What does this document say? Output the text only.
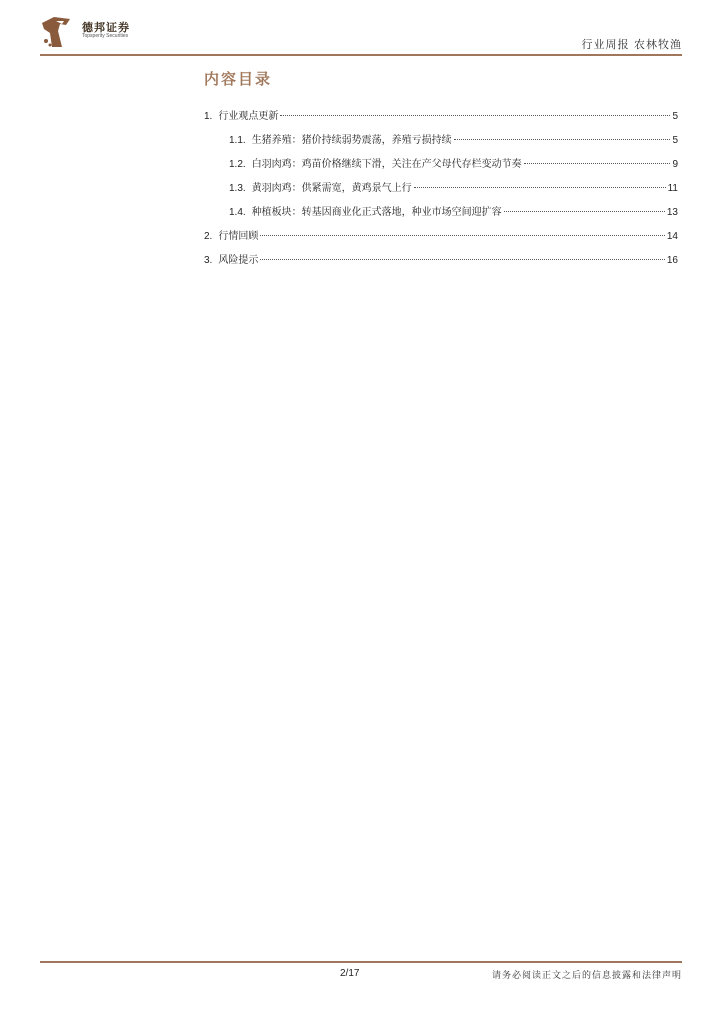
德邦证券
Topsperity Securities
行业周报 农林牧渔
内容目录
1. 行业观点更新	5
1.1. 生猪养殖：猪价持续弱势震荡，养殖亏损持续	5
1.2. 白羽肉鸡：鸡苗价格继续下滑，关注在产父母代存栏变动节奏	9
1.3. 黄羽肉鸡：供紧需宽，黄鸡景气上行	11
1.4. 种植板块：转基因商业化正式落地，种业市场空间迎扩容	13
2. 行情回顾	14
3. 风险提示	16
2/17	请务必阅读正文之后的信息披露和法律声明
